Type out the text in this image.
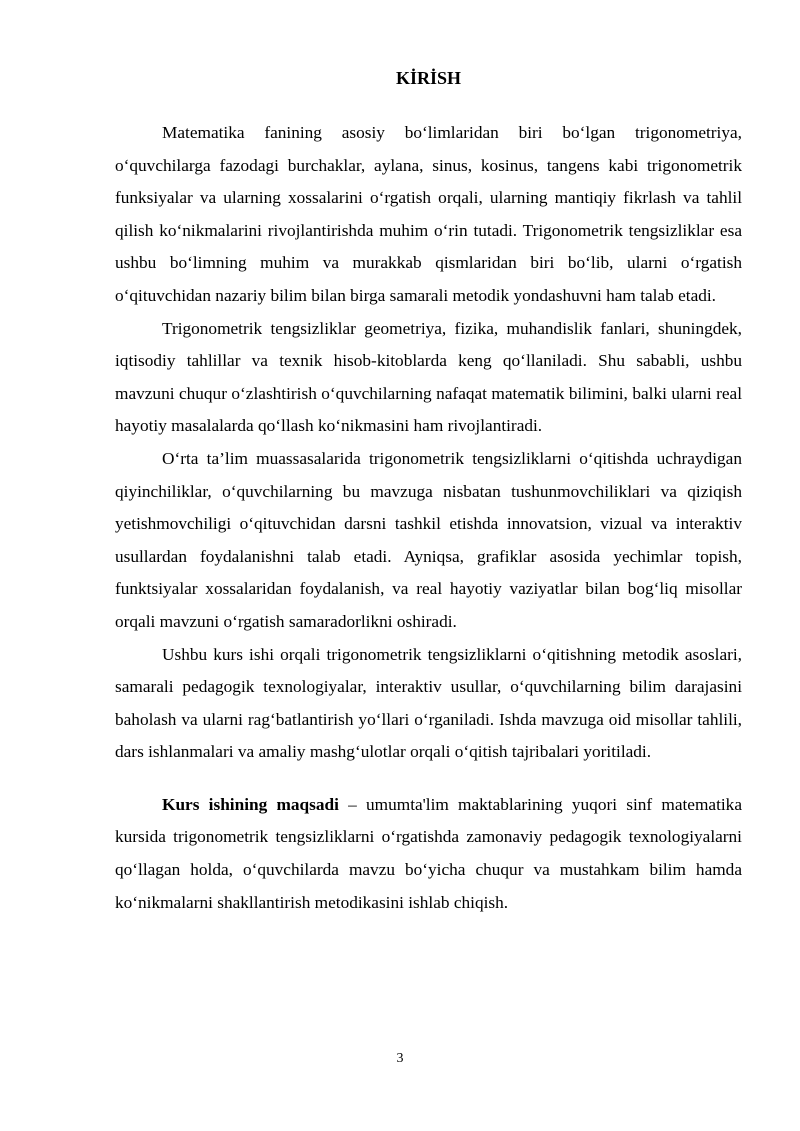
KİRİSH

Matematika fanining asosiy bo‘limlaridan biri bo‘lgan trigonometriya, o‘quvchilarga fazodagi burchaklar, aylana, sinus, kosinus, tangens kabi trigonometrik funksiyalar va ularning xossalarini o‘rgatish orqali, ularning mantiqiy fikrlash va tahlil qilish ko‘nikmalarini rivojlantirishda muhim o‘rin tutadi. Trigonometrik tengsizliklar esa ushbu bo‘limning muhim va murakkab qismlaridan biri bo‘lib, ularni o‘rgatish o‘qituvchidan nazariy bilim bilan birga samarali metodik yondashuvni ham talab etadi.

Trigonometrik tengsizliklar geometriya, fizika, muhandislik fanlari, shuningdek, iqtisodiy tahlillar va texnik hisob-kitoblarda keng qo‘llaniladi. Shu sababli, ushbu mavzuni chuqur o‘zlashtirish o‘quvchilarning nafaqat matematik bilimini, balki ularni real hayotiy masalalarda qo‘llash ko‘nikmasini ham rivojlantiradi.

O‘rta ta’lim muassasalarida trigonometrik tengsizliklarni o‘qitishda uchraydigan qiyinchiliklar, o‘quvchilarning bu mavzuga nisbatan tushunmovchiliklari va qiziqish yetishmovchiligi o‘qituvchidan darsni tashkil etishda innovatsion, vizual va interaktiv usullardan foydalanishni talab etadi. Ayniqsa, grafiklar asosida yechimlar topish, funktsiyalar xossalaridan foydalanish, va real hayotiy vaziyatlar bilan bog‘liq misollar orqali mavzuni o‘rgatish samaradorlikni oshiradi.

Ushbu kurs ishi orqali trigonometrik tengsizliklarni o‘qitishning metodik asoslari, samarali pedagogik texnologiyalar, interaktiv usullar, o‘quvchilarning bilim darajasini baholash va ularni rag‘batlantirish yo‘llari o‘rganiladi. Ishda mavzuga oid misollar tahlili, dars ishlanmalari va amaliy mashg‘ulotlar orqali o‘qitish tajribalari yoritiladi.

Kurs ishining maqsadi – umumta'lim maktablarining yuqori sinf matematika kursida trigonometrik tengsizliklarni o‘rgatishda zamonaviy pedagogik texnologiyalarni qo‘llagan holda, o‘quvchilarda mavzu bo‘yicha chuqur va mustahkam bilim hamda ko‘nikmalarni shakllantirish metodikasini ishlab chiqish.

3
